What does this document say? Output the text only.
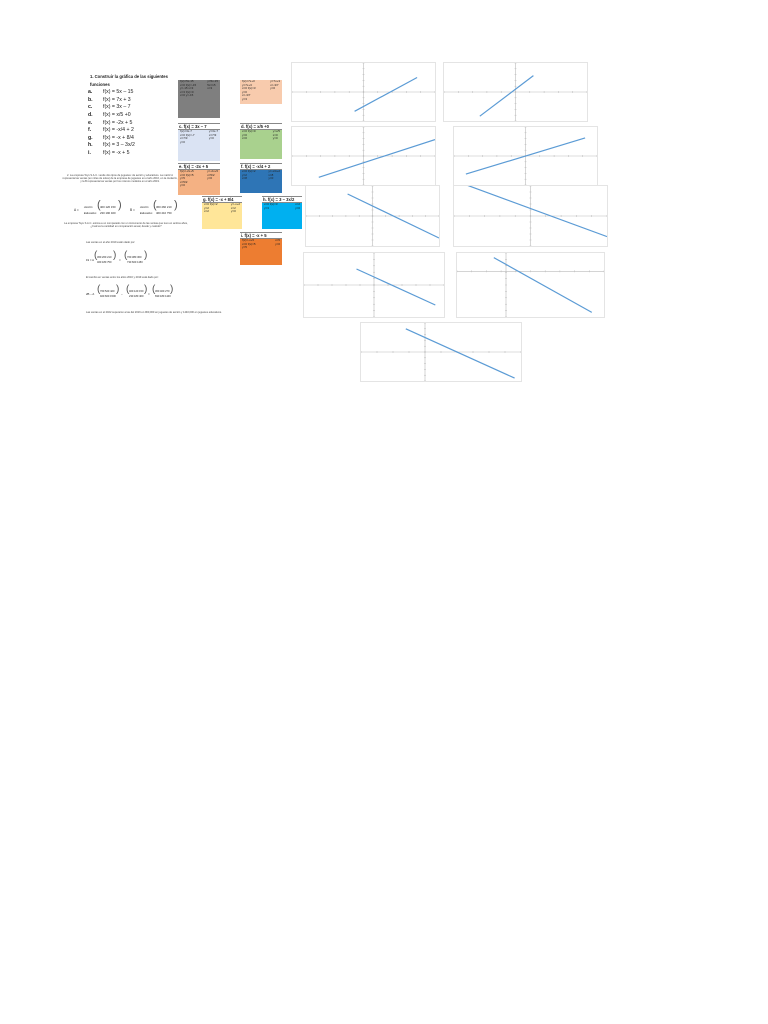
1. Construir la gráfica de las siguientes funciones
a.	f(x) = 5x – 15
b. f(x) = 7x + 3
c.	f(x) = 3x – 7
d. f(x) = x/5 +0
e.	f(x) = -2x + 5
f.	f(x) = -x/4 + 2
g. f(x) = -x + 8/4
h. f(x) = 3 – 3x/2
i.	f(x) = -x + 5
f(x)=5x-15
x=0 f(x)=-15
y=-15 x=3
x=3 f(x)=0
x=0 y=-15
y=5x-15
5x=15
x=3
f(x)=7x+3
y=7x+3
x=0 f(x)=3
y=0
x=-3/7
y=3
y=7x+3
x=-3/7
y=0
c. f(x) = 3x – 7
f(x)=3x-7
x=0 f(x)=-7
x=7/3
y=0
y=3x-7
x=7/3
y=0
d. f(x) = x/5 +0
x=0 f(x)=0
y=0
x=0
y=x/5
x=0
y=0
e. f(x) = -2x + 5
f(x)=-2x+5
x=0 f(x)=5
y=5
x=5/2
y=0
y=-2x+5
x=5/2
y=0
f. f(x) = -x/4 + 2
x=0 f(x)=2
y=2
x=8
y=-x/4+2
x=8
y=0
g. f(x) = -x + 8/4
x=0 f(x)=2
y=2
x=2
y=-x+2
x=2
y=0
h. f(x) = 3 – 3x/2
x=0 f(x)=3
y=3
x=2
y=0
i. f(x) = -x + 5
f(x)=-x+5
x=0 f(x)=5
y=5
x=5
y=0
2. La empresa Toys S.A.C. vende dos tipos de juguetes: de acción y educativos. La matriz A representa las ventas (en miles de soles) de la empresa de juguetes en el año 2016, en la ciudad A, y la B representa las ventas por los mismos modelos en el año 2019.
A =
Acción
Educativo
( 400 120 150
230 190 400
)	B =
Acción
Educativo
( 360 260 210
460 210 750
)
La empresa Toys S.A.C. estima a un comparado con un incremento de las ventas que tuvo en ambos años, ¿Cuál es la cantidad en comparación anual, desde y cuándo?
Las ventas en el año 2019 están dado por:
19 = A ( 360 260 210
460 180 750
) = ( 760 380 360
730 600 1150
)
El cambio en ventas entre los años 2016 y 2019 está dado por:
2B – A ( 760 520 420
920 600 1500
) – ( 400 120 150
230 180 400
) = ( 360 400 270
690 180 1100
)
Las ventas en el 2022 superaron a las del 2016 en 960,000 en juguetes de acción y 1440,000 en juguetes educativos.
